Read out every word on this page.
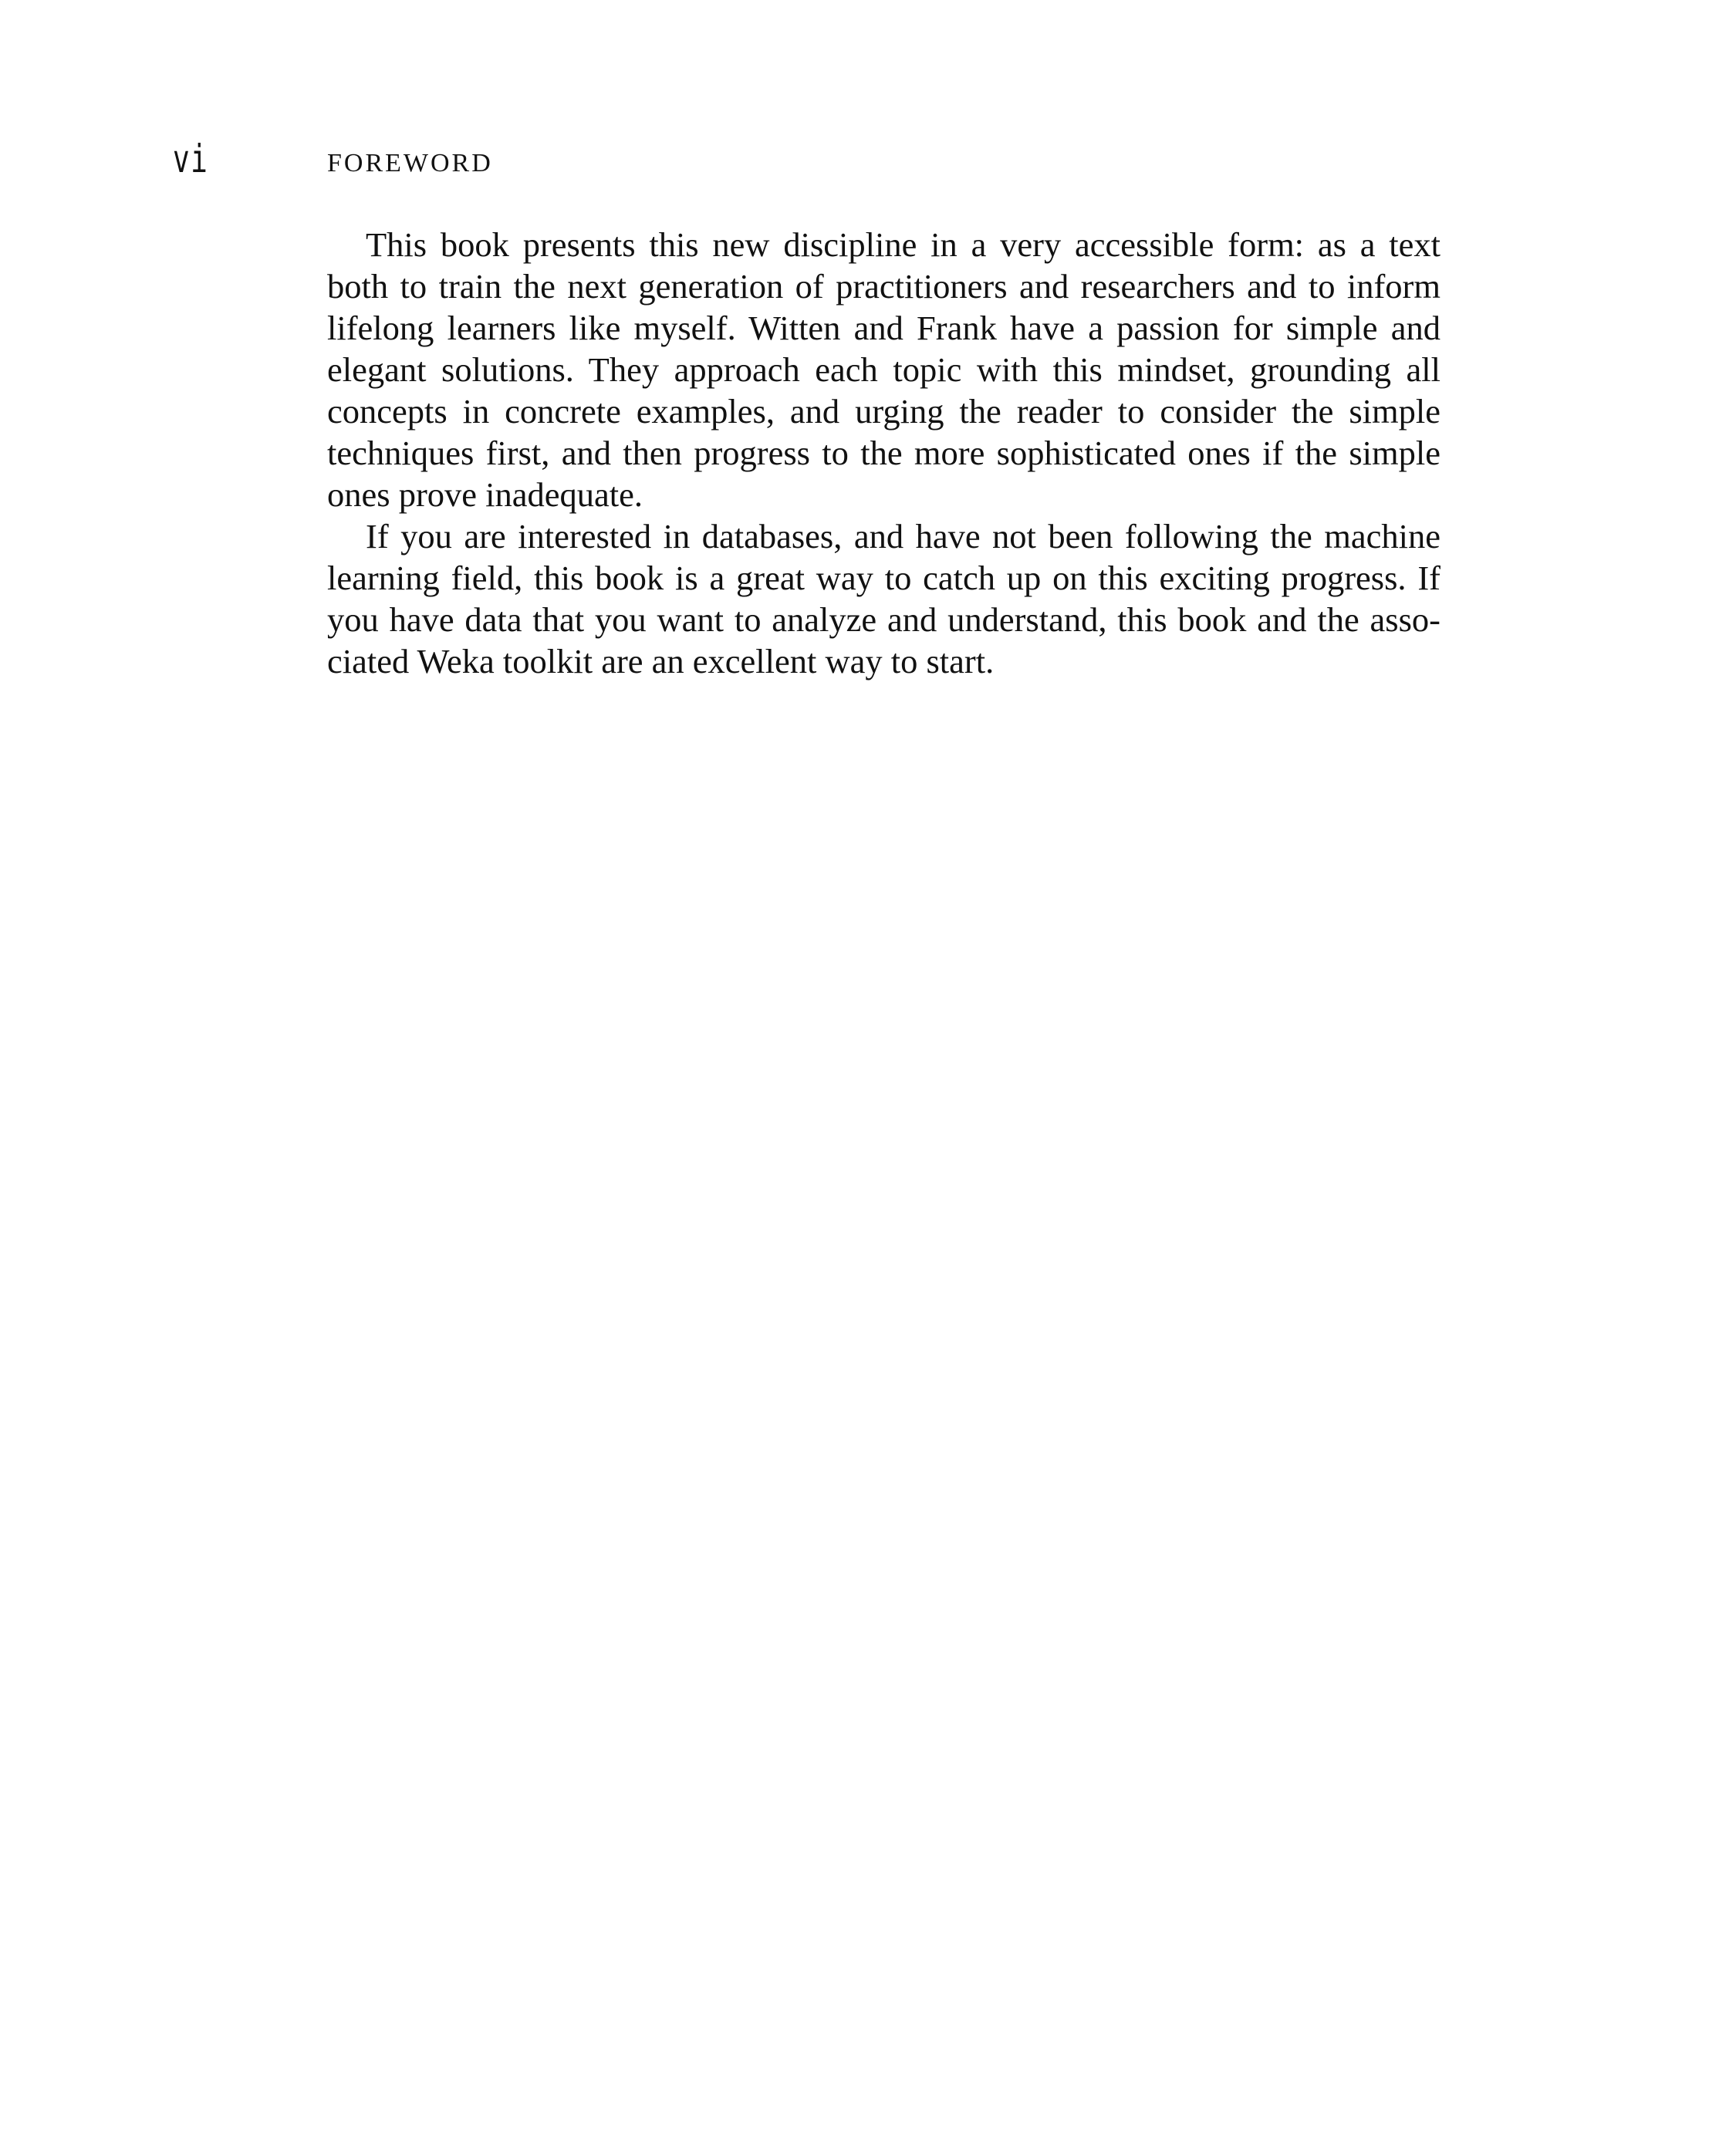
vi	FOREWORD
This book presents this new discipline in a very accessible form: as a text
both to train the next generation of practitioners and researchers and to inform
lifelong learners like myself. Witten and Frank have a passion for simple and
elegant solutions. They approach each topic with this mindset, grounding all
concepts in concrete examples, and urging the reader to consider the simple
techniques first, and then progress to the more sophisticated ones if the simple
ones prove inadequate.
If you are interested in databases, and have not been following the machine
learning field, this book is a great way to catch up on this exciting progress. If
you have data that you want to analyze and understand, this book and the asso-
ciated Weka toolkit are an excellent way to start.
